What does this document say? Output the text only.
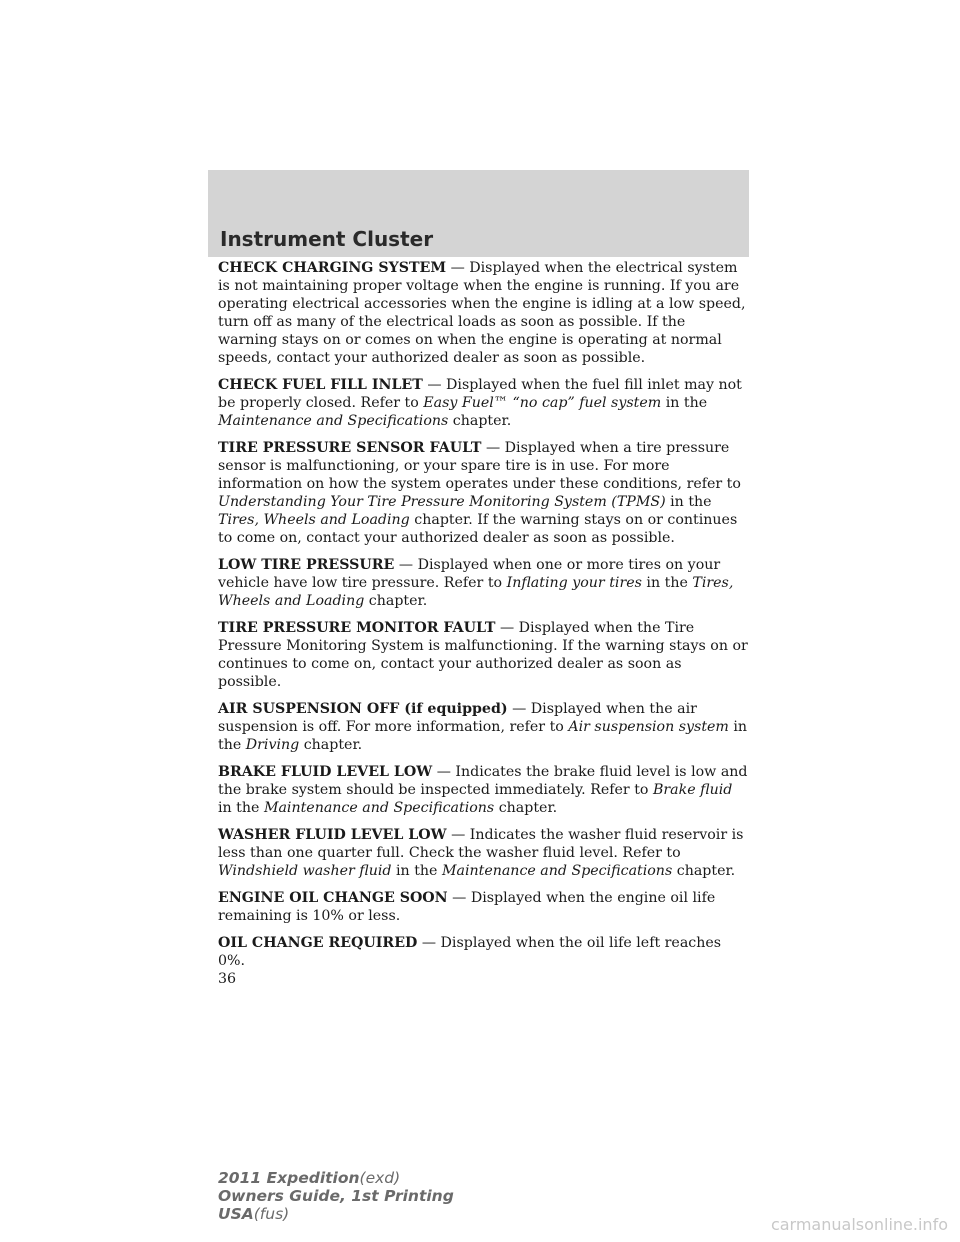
Instrument Cluster

CHECK CHARGING SYSTEM — Displayed when the electrical system is not maintaining proper voltage when the engine is running. If you are operating electrical accessories when the engine is idling at a low speed, turn off as many of the electrical loads as soon as possible. If the warning stays on or comes on when the engine is operating at normal speeds, contact your authorized dealer as soon as possible.

CHECK FUEL FILL INLET — Displayed when the fuel fill inlet may not be properly closed. Refer to Easy Fuel™ “no cap” fuel system in the Maintenance and Specifications chapter.

TIRE PRESSURE SENSOR FAULT — Displayed when a tire pressure sensor is malfunctioning, or your spare tire is in use. For more information on how the system operates under these conditions, refer to Understanding Your Tire Pressure Monitoring System (TPMS) in the Tires, Wheels and Loading chapter. If the warning stays on or continues to come on, contact your authorized dealer as soon as possible.

LOW TIRE PRESSURE — Displayed when one or more tires on your vehicle have low tire pressure. Refer to Inflating your tires in the Tires, Wheels and Loading chapter.

TIRE PRESSURE MONITOR FAULT — Displayed when the Tire Pressure Monitoring System is malfunctioning. If the warning stays on or continues to come on, contact your authorized dealer as soon as possible.

AIR SUSPENSION OFF (if equipped) — Displayed when the air suspension is off. For more information, refer to Air suspension system in the Driving chapter.

BRAKE FLUID LEVEL LOW — Indicates the brake fluid level is low and the brake system should be inspected immediately. Refer to Brake fluid in the Maintenance and Specifications chapter.

WASHER FLUID LEVEL LOW — Indicates the washer fluid reservoir is less than one quarter full. Check the washer fluid level. Refer to Windshield washer fluid in the Maintenance and Specifications chapter.

ENGINE OIL CHANGE SOON — Displayed when the engine oil life remaining is 10% or less.

OIL CHANGE REQUIRED — Displayed when the oil life left reaches 0%.

36
2011 Expedition(exd)
Owners Guide, 1st Printing
USA(fus)
carmanualsonline.info
